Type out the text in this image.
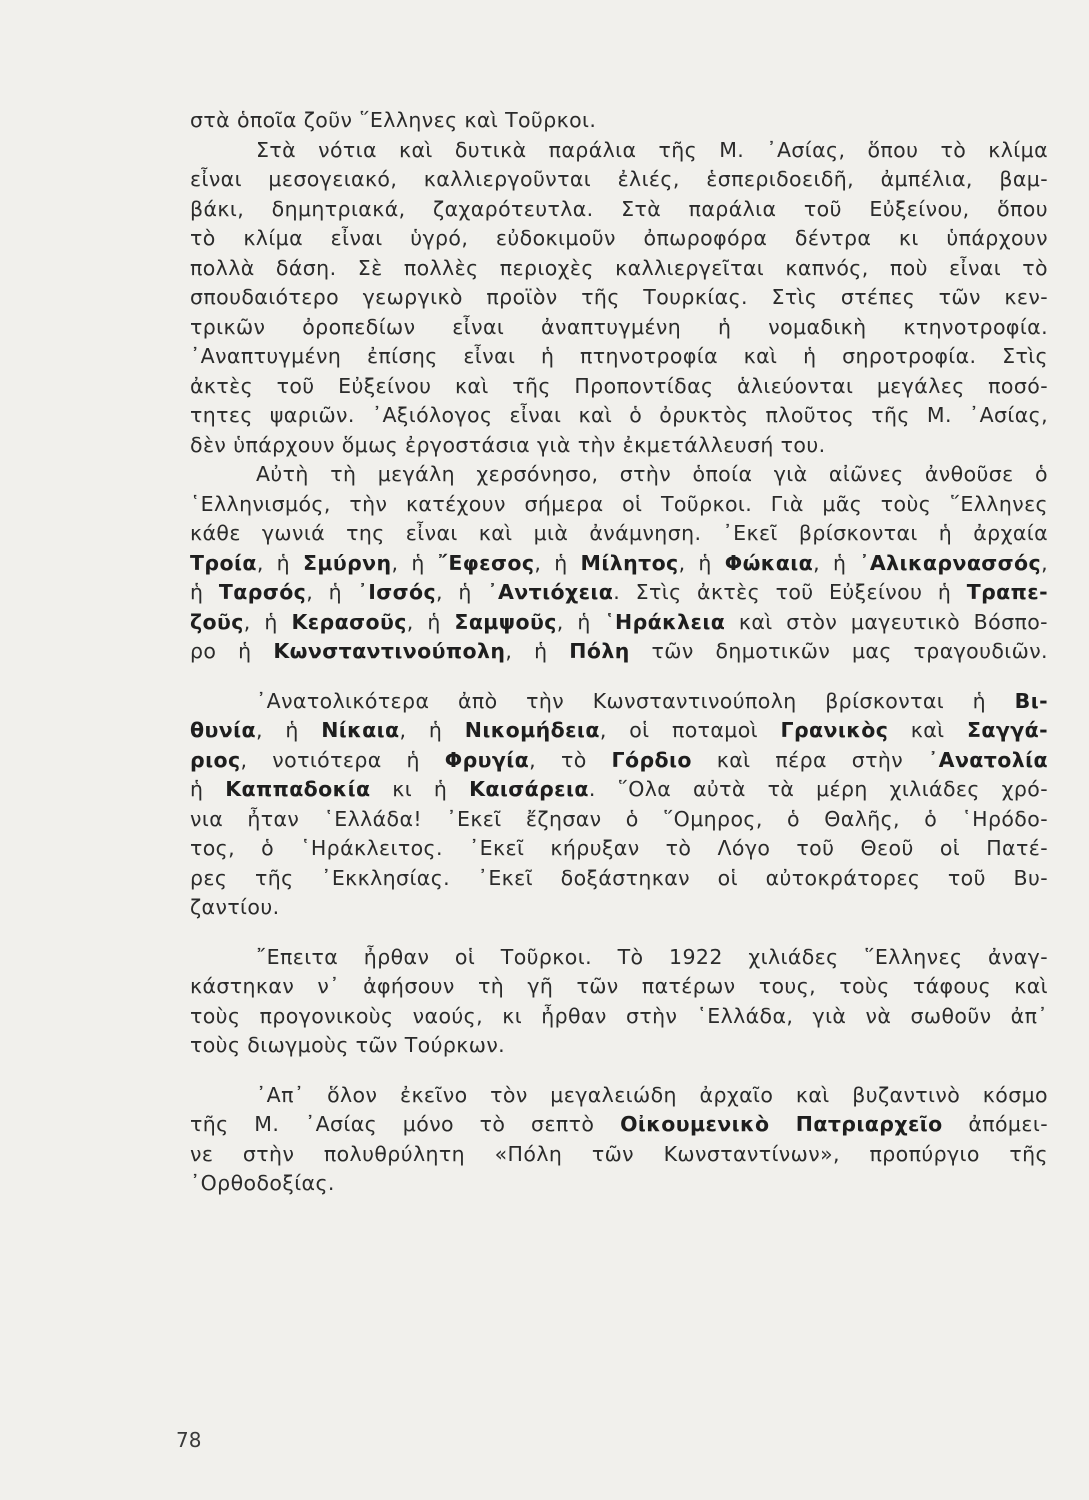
στὰ ὁποῖα ζοῦν ῞Ελληνες καὶ Τοῦρκοι.
Στὰ νότια καὶ δυτικὰ παράλια τῆς Μ. ᾿Ασίας, ὅπου τὸ κλίμα
εἶναι μεσογειακό, καλλιεργοῦνται ἐλιές, ἑσπεριδοειδῆ, ἀμπέλια, βαμ-
βάκι, δημητριακά, ζαχαρότευτλα. Στὰ παράλια τοῦ Εὐξείνου, ὅπου
τὸ κλίμα εἶναι ὑγρό, εὐδοκιμοῦν ὀπωροφόρα δέντρα κι ὑπάρχουν
πολλὰ δάση. Σὲ πολλὲς περιοχὲς καλλιεργεῖται καπνός, ποὺ εἶναι τὸ
σπουδαιότερο γεωργικὸ προϊὸν τῆς Τουρκίας. Στὶς στέπες τῶν κεν-
τρικῶν ὀροπεδίων εἶναι ἀναπτυγμένη ἡ νομαδικὴ κτηνοτροφία.
᾿Αναπτυγμένη ἐπίσης εἶναι ἡ πτηνοτροφία καὶ ἡ σηροτροφία. Στὶς
ἀκτὲς τοῦ Εὐξείνου καὶ τῆς Προποντίδας ἁλιεύονται μεγάλες ποσό-
τητες ψαριῶν. ᾿Αξιόλογος εἶναι καὶ ὁ ὀρυκτὸς πλοῦτος τῆς Μ. ᾿Ασίας,
δὲν ὑπάρχουν ὅμως ἐργοστάσια γιὰ τὴν ἐκμετάλλευσή του.
Αὐτὴ τὴ μεγάλη χερσόνησο, στὴν ὁποία γιὰ αἰῶνες ἀνθοῦσε ὁ
῾Ελληνισμός, τὴν κατέχουν σήμερα οἱ Τοῦρκοι. Γιὰ μᾶς τοὺς ῞Ελληνες
κάθε γωνιά της εἶναι καὶ μιὰ ἀνάμνηση. ᾿Εκεῖ βρίσκονται ἡ ἀρχαία
Τροία, ἡ Σμύρνη, ἡ ῎Εφεσος, ἡ Μίλητος, ἡ Φώκαια, ἡ ᾿Αλικαρνασσός,
ἡ Ταρσός, ἡ ᾿Ισσός, ἡ ᾿Αντιόχεια. Στὶς ἀκτὲς τοῦ Εὐξείνου ἡ Τραπε-
ζοῦς, ἡ Κερασοῦς, ἡ Σαμψοῦς, ἡ ῾Ηράκλεια καὶ στὸν μαγευτικὸ Βόσπο-
ρο ἡ Κωνσταντινούπολη, ἡ Πόλη τῶν δημοτικῶν μας τραγουδιῶν.
᾿Ανατολικότερα ἀπὸ τὴν Κωνσταντινούπολη βρίσκονται ἡ Βι-
θυνία, ἡ Νίκαια, ἡ Νικομήδεια, οἱ ποταμοὶ Γρανικὸς καὶ Σαγγά-
ριος, νοτιότερα ἡ Φρυγία, τὸ Γόρδιο καὶ πέρα στὴν ᾿Ανατολία
ἡ Καππαδοκία κι ἡ Καισάρεια. ῞Ολα αὐτὰ τὰ μέρη χιλιάδες χρό-
νια ἦταν ῾Ελλάδα! ᾿Εκεῖ ἔζησαν ὁ ῞Ομηρος, ὁ Θαλῆς, ὁ ῾Ηρόδο-
τος, ὁ ῾Ηράκλειτος. ᾿Εκεῖ κήρυξαν τὸ Λόγο τοῦ Θεοῦ οἱ Πατέ-
ρες τῆς ᾿Εκκλησίας. ᾿Εκεῖ δοξάστηκαν οἱ αὐτοκράτορες τοῦ Βυ-
ζαντίου.
῎Επειτα ἦρθαν οἱ Τοῦρκοι. Τὸ 1922 χιλιάδες ῞Ελληνες ἀναγ-
κάστηκαν ν᾿ ἀφήσουν τὴ γῆ τῶν πατέρων τους, τοὺς τάφους καὶ
τοὺς προγονικοὺς ναούς, κι ἦρθαν στὴν ῾Ελλάδα, γιὰ νὰ σωθοῦν ἀπ᾿
τοὺς διωγμοὺς τῶν Τούρκων.
᾿Απ᾿ ὅλον ἐκεῖνο τὸν μεγαλειώδη ἀρχαῖο καὶ βυζαντινὸ κόσμο
τῆς Μ. ᾿Ασίας μόνο τὸ σεπτὸ Οἰκουμενικὸ Πατριαρχεῖο ἀπόμει-
νε στὴν πολυθρύλητη «Πόλη τῶν Κωνσταντίνων», προπύργιο τῆς
᾿Ορθοδοξίας.
78
